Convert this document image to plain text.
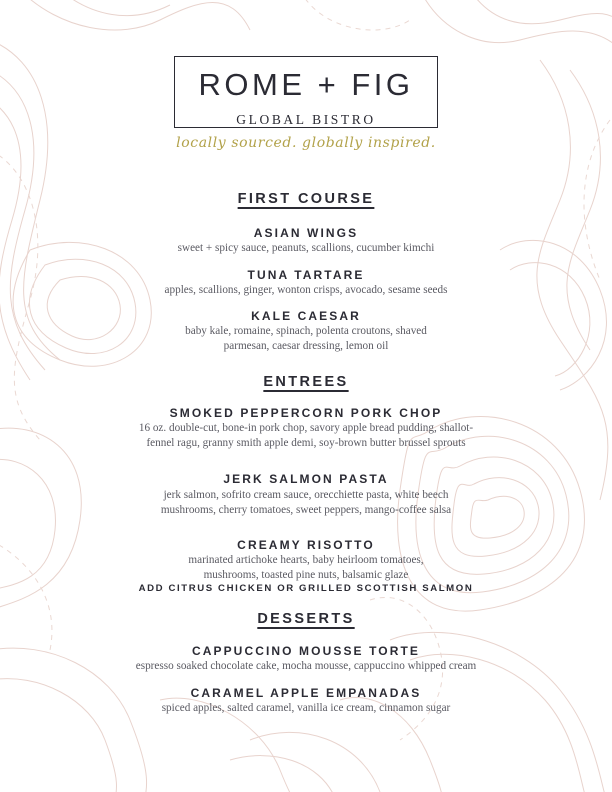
ROME + FIG
GLOBAL BISTRO
locally sourced. globally inspired.
FIRST COURSE
ASIAN WINGS
sweet + spicy sauce, peanuts, scallions, cucumber kimchi
TUNA TARTARE
apples, scallions, ginger, wonton crisps, avocado, sesame seeds
KALE CAESAR
baby kale, romaine, spinach, polenta croutons, shaved
parmesan, caesar dressing, lemon oil
ENTREES
SMOKED PEPPERCORN PORK CHOP
16 oz. double-cut, bone-in pork chop, savory apple bread pudding, shallot-
fennel ragu, granny smith apple demi, soy-brown butter brussel sprouts
JERK SALMON PASTA
jerk salmon, sofrito cream sauce, orecchiette pasta, white beech
mushrooms, cherry tomatoes, sweet peppers, mango-coffee salsa
CREAMY RISOTTO
marinated artichoke hearts, baby heirloom tomatoes,
mushrooms, toasted pine nuts, balsamic glaze
ADD CITRUS CHICKEN OR GRILLED SCOTTISH SALMON
DESSERTS
CAPPUCCINO MOUSSE TORTE
espresso soaked chocolate cake, mocha mousse, cappuccino whipped cream
CARAMEL APPLE EMPANADAS
spiced apples, salted caramel, vanilla ice cream, cinnamon sugar
